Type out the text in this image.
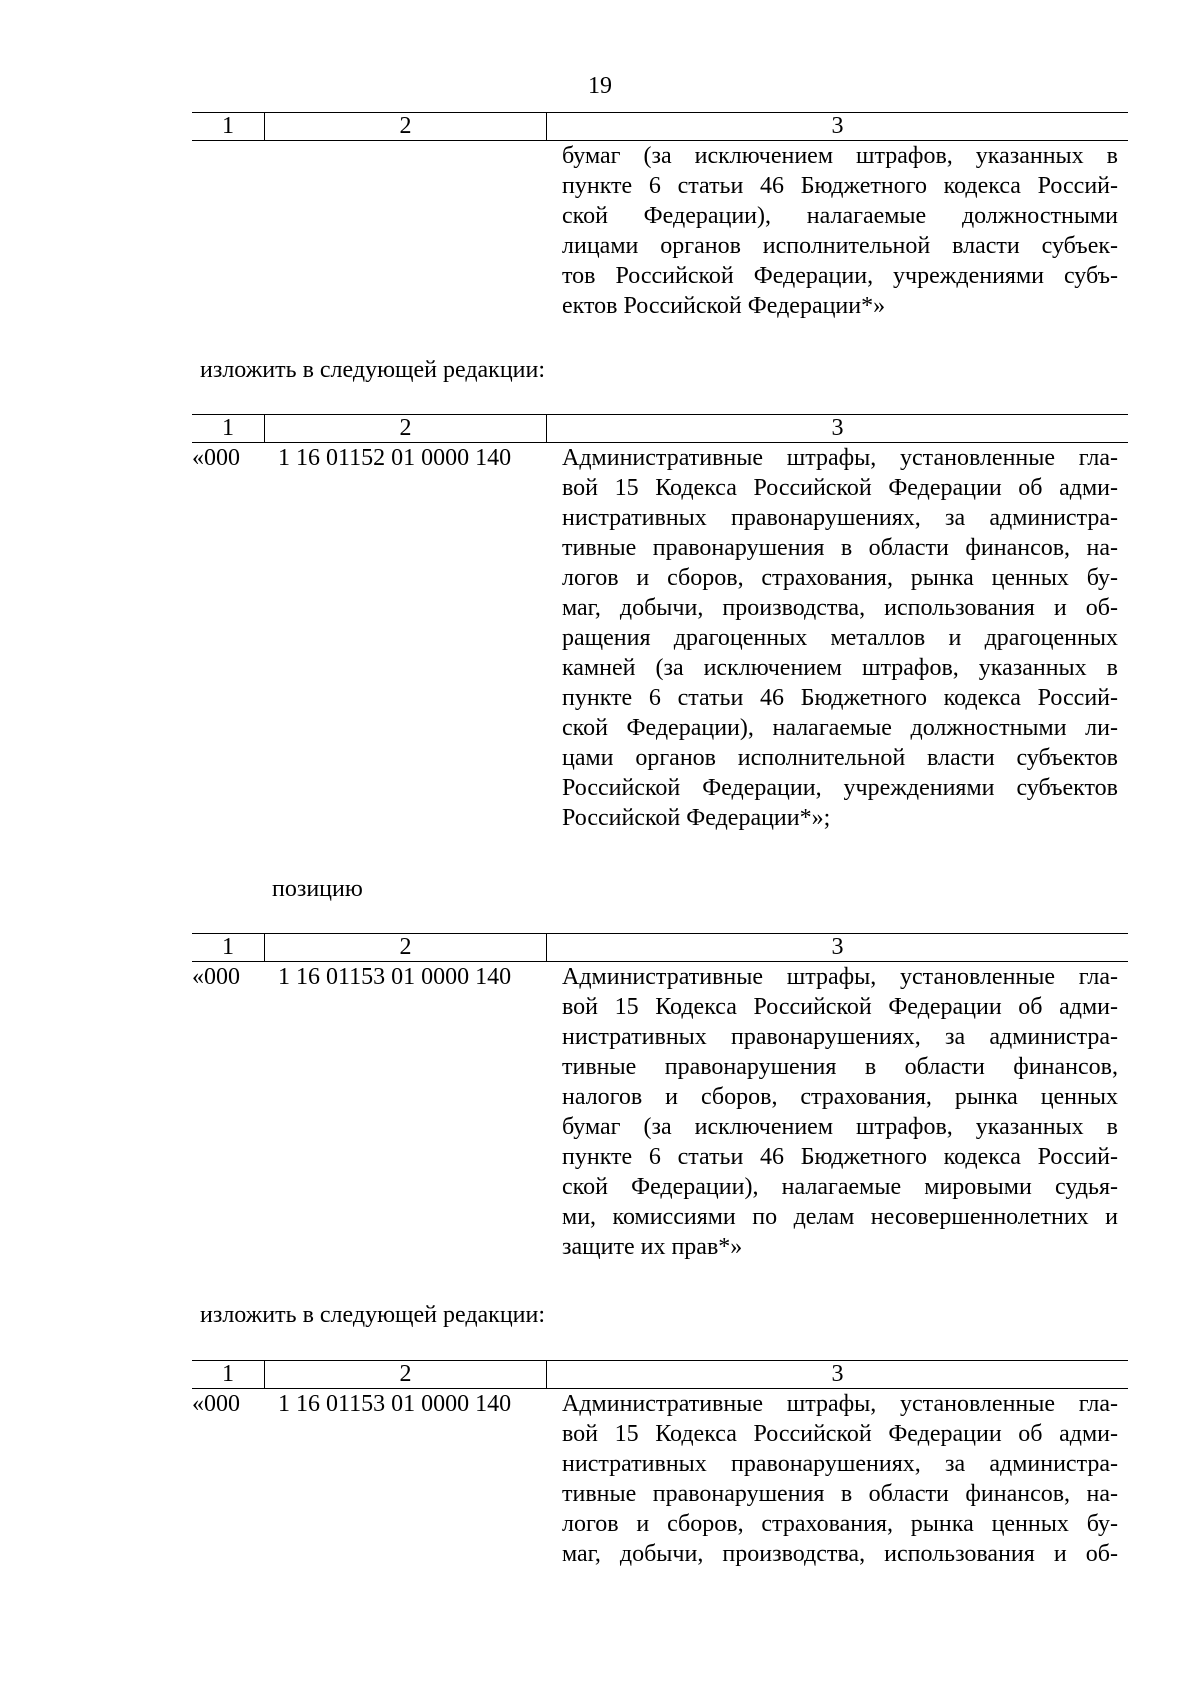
19
1	2	3
бумаг (за исключением штрафов, указанных в
пункте 6 статьи 46 Бюджетного кодекса Россий-
ской Федерации), налагаемые должностными
лицами органов исполнительной власти субъек-
тов Российской Федерации, учреждениями субъ-
ектов Российской Федерации*»
изложить в следующей редакции:
1	2	3
«000	1 16 01152 01 0000 140	Административные штрафы, установленные гла-
вой 15 Кодекса Российской Федерации об адми-
нистративных правонарушениях, за администра-
тивные правонарушения в области финансов, на-
логов и сборов, страхования, рынка ценных бу-
маг, добычи, производства, использования и об-
ращения драгоценных металлов и драгоценных
камней (за исключением штрафов, указанных в
пункте 6 статьи 46 Бюджетного кодекса Россий-
ской Федерации), налагаемые должностными ли-
цами органов исполнительной власти субъектов
Российской Федерации, учреждениями субъектов
Российской Федерации*»;
позицию
1	2	3
«000	1 16 01153 01 0000 140	Административные штрафы, установленные гла-
вой 15 Кодекса Российской Федерации об адми-
нистративных правонарушениях, за администра-
тивные правонарушения в области финансов,
налогов и сборов, страхования, рынка ценных
бумаг (за исключением штрафов, указанных в
пункте 6 статьи 46 Бюджетного кодекса Россий-
ской Федерации), налагаемые мировыми судья-
ми, комиссиями по делам несовершеннолетних и
защите их прав*»
изложить в следующей редакции:
1	2	3
«000	1 16 01153 01 0000 140	Административные штрафы, установленные гла-
вой 15 Кодекса Российской Федерации об адми-
нистративных правонарушениях, за администра-
тивные правонарушения в области финансов, на-
логов и сборов, страхования, рынка ценных бу-
маг, добычи, производства, использования и об-
